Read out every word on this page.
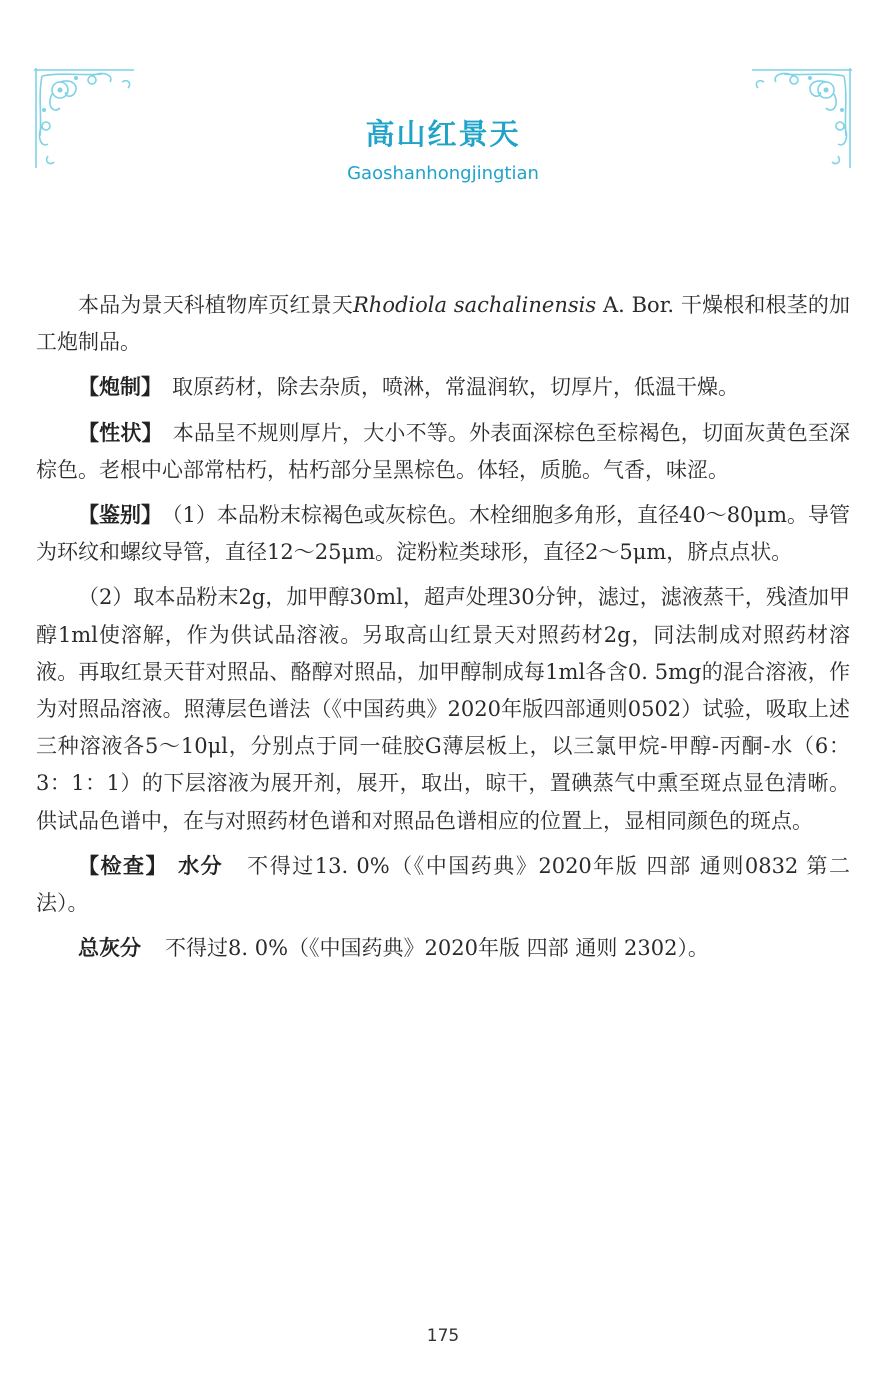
高山红景天
Gaoshanhongjingtian

本品为景天科植物库页红景天Rhodiola sachalinensis A. Bor. 干燥根和根茎的加工炮制品。

【炮制】 取原药材，除去杂质，喷淋，常温润软，切厚片，低温干燥。

【性状】 本品呈不规则厚片，大小不等。外表面深棕色至棕褐色，切面灰黄色至深棕色。老根中心部常枯朽，枯朽部分呈黑棕色。体轻，质脆。气香，味涩。

【鉴别】 （1）本品粉末棕褐色或灰棕色。木栓细胞多角形，直径40～80μm。导管为环纹和螺纹导管，直径12～25μm。淀粉粒类球形，直径2～5μm，脐点点状。

（2）取本品粉末2g，加甲醇30ml，超声处理30分钟，滤过，滤液蒸干，残渣加甲醇1ml使溶解，作为供试品溶液。另取高山红景天对照药材2g，同法制成对照药材溶液。再取红景天苷对照品、酪醇对照品，加甲醇制成每1ml各含0. 5mg的混合溶液，作为对照品溶液。照薄层色谱法（《中国药典》2020年版四部通则0502）试验，吸取上述三种溶液各5～10μl，分别点于同一硅胶G薄层板上，以三氯甲烷-甲醇-丙酮-水（6：3：1：1）的下层溶液为展开剂，展开，取出，晾干，置碘蒸气中熏至斑点显色清晰。供试品色谱中，在与对照药材色谱和对照品色谱相应的位置上，显相同颜色的斑点。

【检查】 水分 不得过13. 0%（《中国药典》2020年版 四部 通则0832 第二法）。

总灰分 不得过8. 0%（《中国药典》2020年版 四部 通则 2302）。

175
